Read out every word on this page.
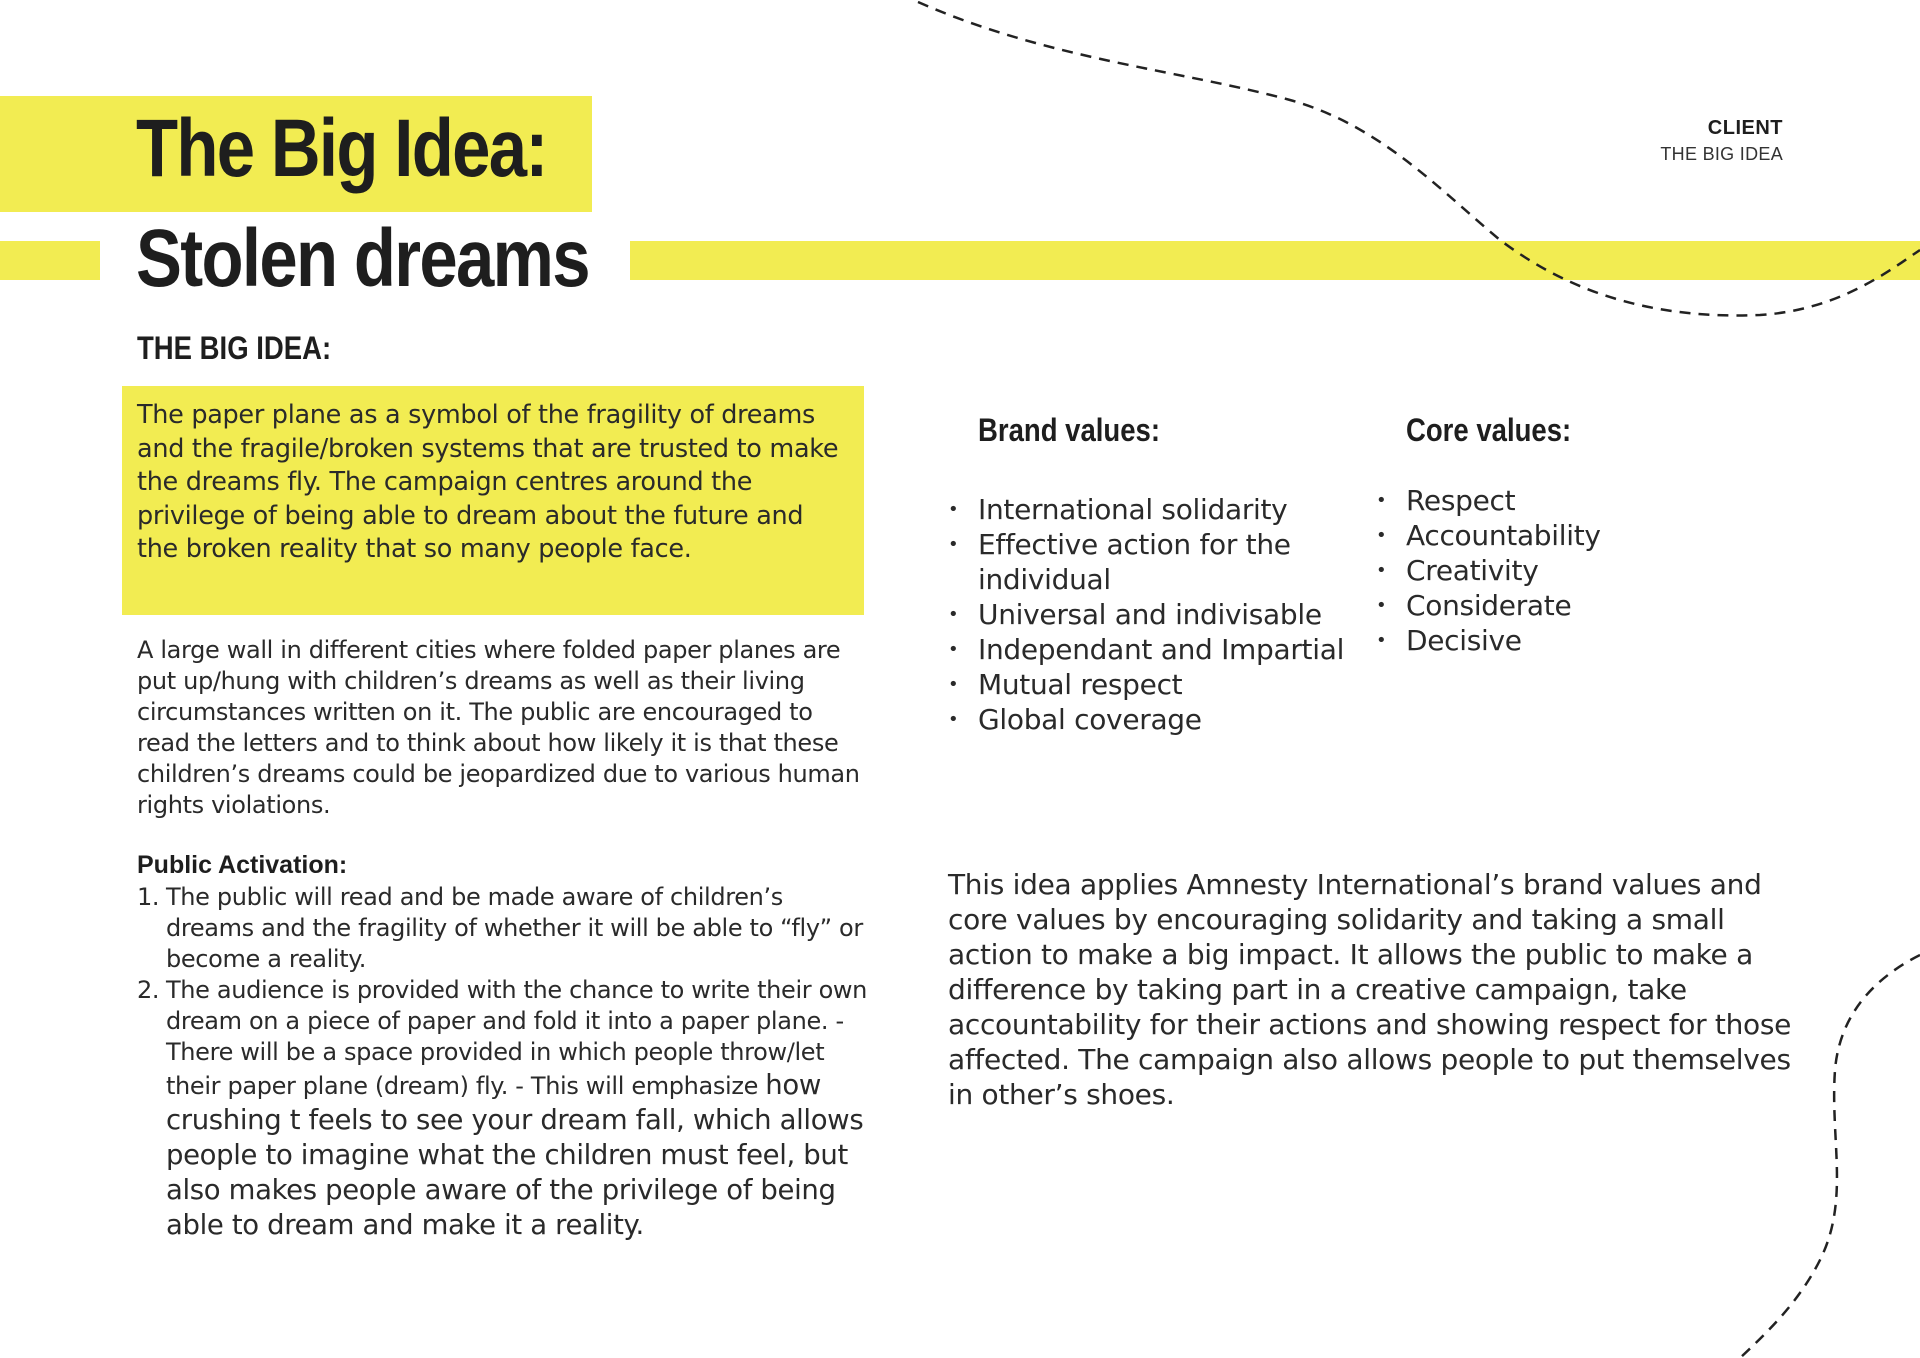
The Big Idea:
Stolen dreams
CLIENT
THE BIG IDEA
THE BIG IDEA:
The paper plane as a symbol of the fragility of dreams and the fragile/broken systems that are trusted to make the dreams fly. The campaign centres around the privilege of being able to dream about the future and the broken reality that so many people face.
A large wall in different cities where folded paper planes are put up/hung with children’s dreams as well as their living circumstances written on it. The public are encouraged to read the letters and to think about how likely it is that these children’s dreams could be jeopardized due to various human rights violations.
Public Activation:
1. The public will read and be made aware of children’s dreams and the fragility of whether it will be able to “fly” or become a reality.
2. The audience is provided with the chance to write their own dream on a piece of paper and fold it into a paper plane. - There will be a space provided in which people throw/let their paper plane (dream) fly. - This will emphasize how crushing t feels to see your dream fall, which allows people to imagine what the children must feel, but also makes people aware of the privilege of being able to dream and make it a reality.
Brand values:	Core values:
• International solidarity
• Effective action for the individual
• Universal and indivisable
• Independant and Impartial
• Mutual respect
• Global coverage
• Respect
• Accountability
• Creativity
• Considerate
• Decisive
This idea applies Amnesty International’s brand values and core values by encouraging solidarity and taking a small action to make a big impact. It allows the public to make a difference by taking part in a creative campaign, take accountability for their actions and showing respect for those affected. The campaign also allows people to put themselves in other’s shoes.
